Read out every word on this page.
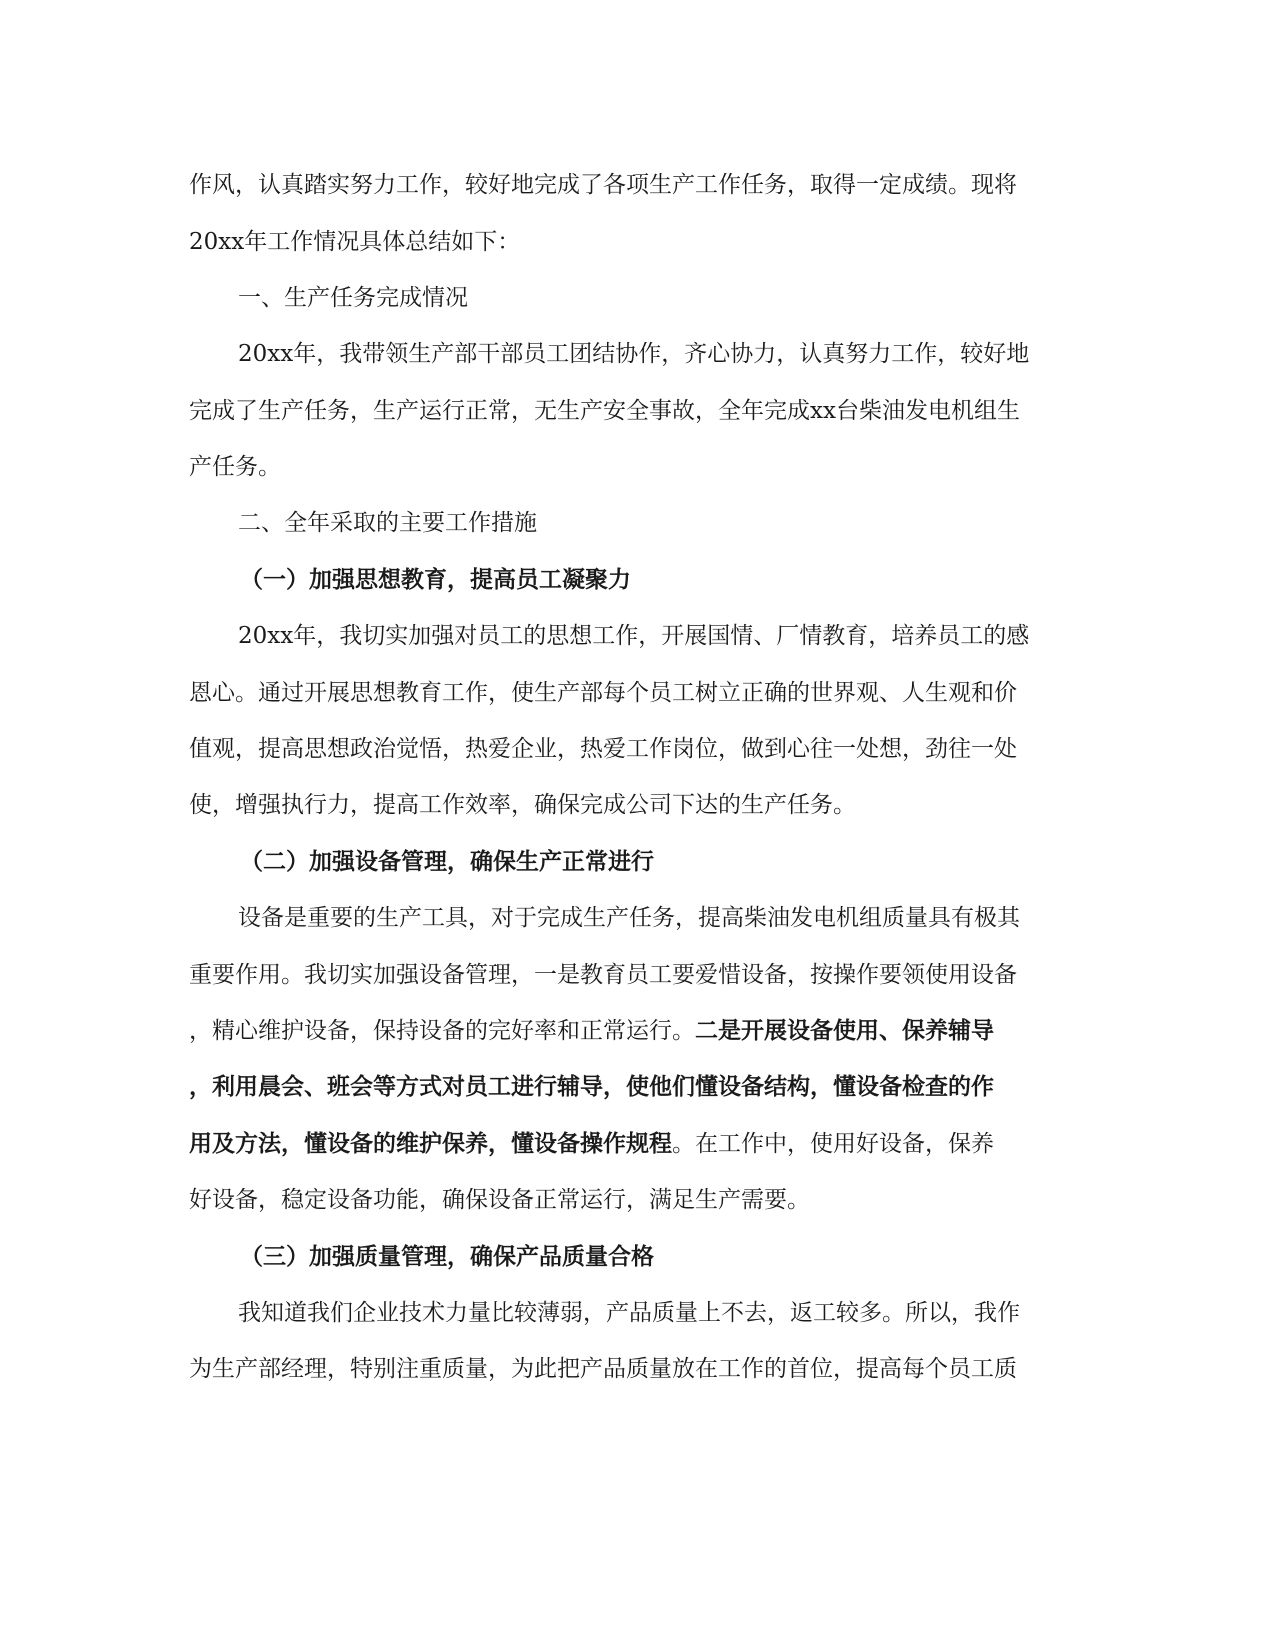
作风，认真踏实努力工作，较好地完成了各项生产工作任务，取得一定成绩。现将
20xx年工作情况具体总结如下：
一、生产任务完成情况
20xx年，我带领生产部干部员工团结协作，齐心协力，认真努力工作，较好地
完成了生产任务，生产运行正常，无生产安全事故，全年完成xx台柴油发电机组生
产任务。
二、全年采取的主要工作措施
（一）加强思想教育，提高员工凝聚力
20xx年，我切实加强对员工的思想工作，开展国情、厂情教育，培养员工的感
恩心。通过开展思想教育工作，使生产部每个员工树立正确的世界观、人生观和价
值观，提高思想政治觉悟，热爱企业，热爱工作岗位，做到心往一处想，劲往一处
使，增强执行力，提高工作效率，确保完成公司下达的生产任务。
（二）加强设备管理，确保生产正常进行
设备是重要的生产工具，对于完成生产任务，提高柴油发电机组质量具有极其
重要作用。我切实加强设备管理，一是教育员工要爱惜设备，按操作要领使用设备
，精心维护设备，保持设备的完好率和正常运行。二是开展设备使用、保养辅导
，利用晨会、班会等方式对员工进行辅导，使他们懂设备结构，懂设备检查的作
用及方法，懂设备的维护保养，懂设备操作规程。在工作中，使用好设备，保养
好设备，稳定设备功能，确保设备正常运行，满足生产需要。
（三）加强质量管理，确保产品质量合格
我知道我们企业技术力量比较薄弱，产品质量上不去，返工较多。所以，我作
为生产部经理，特别注重质量，为此把产品质量放在工作的首位，提高每个员工质
